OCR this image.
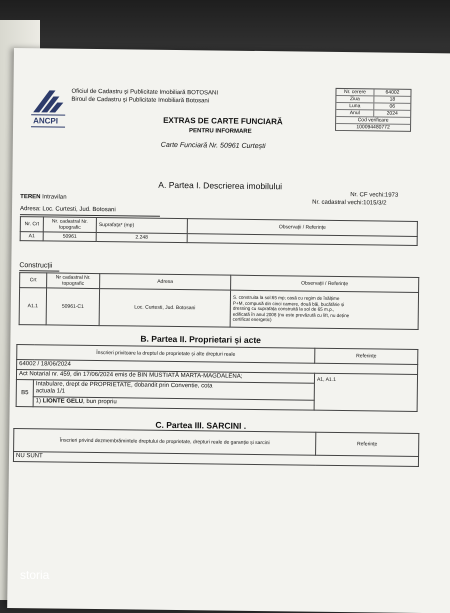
ANCPI
Oficiul de Cadastru și Publicitate Imobiliară BOTOSANI
Biroul de Cadastru și Publicitate Imobiliară Botosani
Nr. cerere	64002
Ziua	18
Luna	06
Anul	2024
Cod verificare
100094480772
EXTRAS DE CARTE FUNCIARĂ
PENTRU INFORMARE
Carte Funciară Nr. 50961 Curtești
A. Partea I. Descrierea imobilului
Nr. CF vechi:1973
Nr. cadastral vechi:1015/3/2
TEREN Intravilan
Adresa: Loc. Curtesti, Jud. Botosani
Nr. Crt	Nr. cadastral Nr. topografic	Suprafața* (mp)	Observații / Referințe
A1	50961	2.248	
Construcții
Crt	Nr cadastral Nr. topografic	Adresa	Observații / Referințe
A1.1	50961-C1	Loc. Curtesti, Jud. Botosani	S. construita la sol:65 mp; casă cu regim de înălțime
P+M, compusă din cinci camere, două băi, bucătărie și
dressing cu suprafața construită la sol de 65 m.p.,
edificată în anul 2008 (nu este prevăzută cu lift, nu deține
certificat energetic)
B. Partea II. Proprietari și acte
Înscrieri privitoare la dreptul de proprietate și alte drepturi reale		Referințe
64002 / 18/06/2024		
Act Notarial nr. 459, din 17/06/2024 emis de BIN MUSTIATĂ MARTA-MAGDALENA;		A1, A1.1
B5	Intabulare, drept de PROPRIETATE, dobandit prin Conventie, cota
actuala 1/1	

	1) LIONTE GELU, bun propriu	
C. Partea III. SARCINI .
Înscrieri privind dezmembrămintele dreptului de proprietate, drepturi reale de garanție și sarcini	Referințe
NU SUNT
storia
